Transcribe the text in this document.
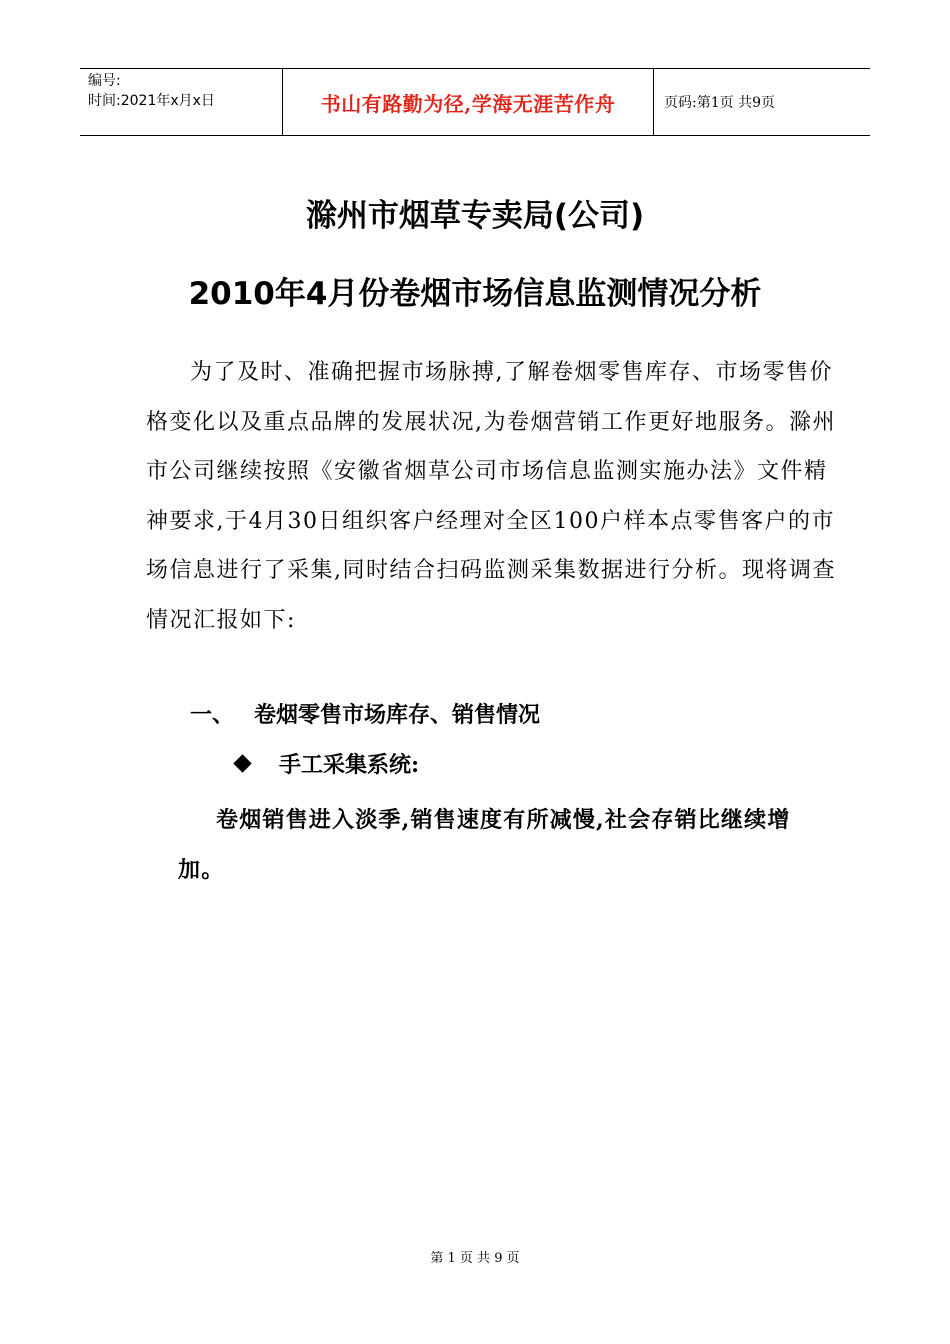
编号:
时间:2021年x月x日	书山有路勤为径,学海无涯苦作舟	页码:第1页 共9页
滁州市烟草专卖局(公司)
2010年4月份卷烟市场信息监测情况分析

为了及时、准确把握市场脉搏,了解卷烟零售库存、市场零售价格变化以及重点品牌的发展状况,为卷烟营销工作更好地服务。滁州市公司继续按照《安徽省烟草公司市场信息监测实施办法》文件精神要求,于4月30日组织客户经理对全区100户样本点零售客户的市场信息进行了采集,同时结合扫码监测采集数据进行分析。现将调查情况汇报如下:

一、 卷烟零售市场库存、销售情况
手工采集系统:

卷烟销售进入淡季,销售速度有所减慢,社会存销比继续增加。

第 1 页 共 9 页
